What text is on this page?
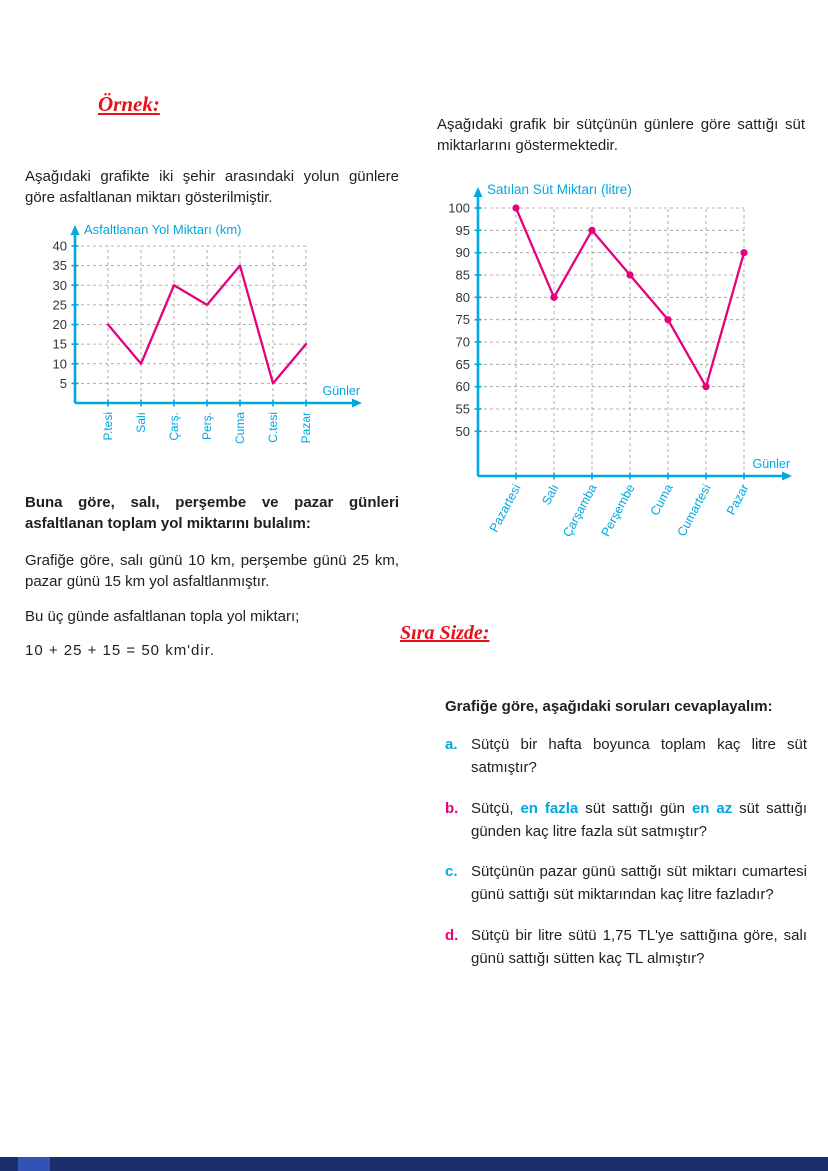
Örnek:

Aşağıdaki grafikte iki şehir arasındaki yolun günlere göre asfaltlanan miktarı gösterilmiştir.

5
10
15
20
25
30
35
40
P.tesi Salı Çarş. Perş. Cuma C.tesi Pazar
Asfaltlanan Yol Miktarı (km)
Günler

Buna göre, salı, perşembe ve pazar günleri asfaltlanan toplam yol miktarını bulalım:

Grafiğe göre, salı günü 10 km, perşembe günü 25 km, pazar günü 15 km yol asfaltlanmıştır.

Bu üç günde asfaltlanan topla yol miktarı;

10 + 25 + 15 = 50 km'dir.

Aşağıdaki grafik bir sütçünün günlere göre sattığı süt miktarlarını göstermektedir.

50
55
60
65
70
75
80
85
90
95
100
Pazartesi Salı
Çarşamba
Perşembe Cuma
Cumartesi Pazar
Satılan Süt Miktarı (litre)
Günler
Sıra Sizde:

Grafiğe göre, aşağıdaki soruları cevaplayalım:

a. Sütçü bir hafta boyunca toplam kaç litre süt satmıştır?
b. Sütçü, en fazla süt sattığı gün en az süt sattığı günden kaç litre fazla süt satmıştır?
c. Sütçünün pazar günü sattığı süt miktarı cumartesi günü sattığı süt miktarından kaç litre fazladır?
d. Sütçü bir litre sütü 1,75 TL'ye sattığına göre, salı günü sattığı sütten kaç TL almıştır?
